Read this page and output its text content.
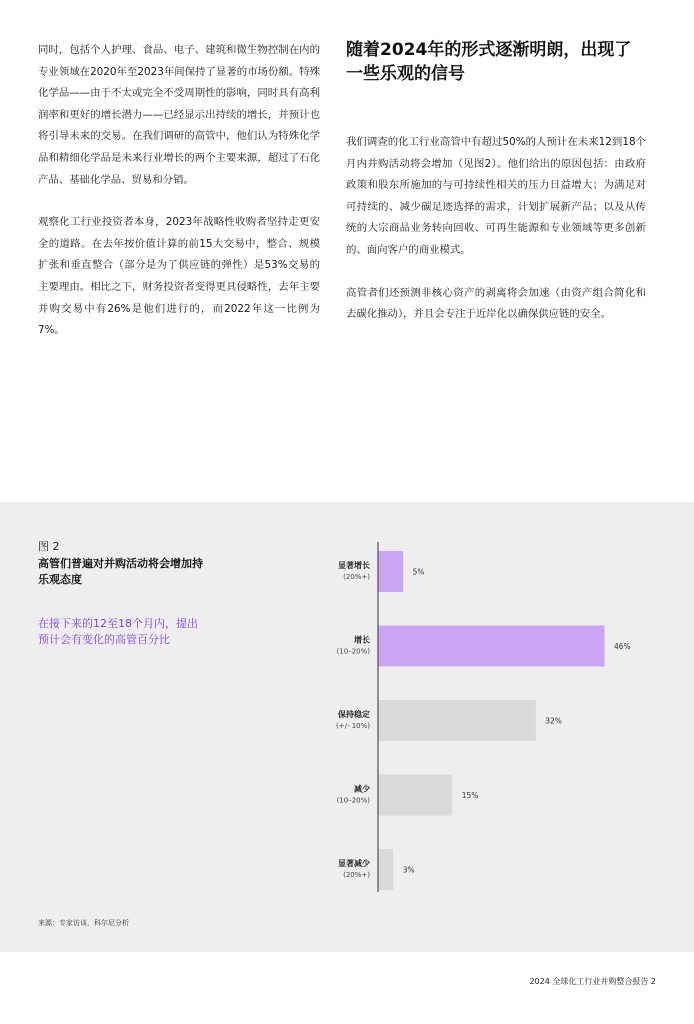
同时，包括个人护理、食品、电子、建筑和微生物控制在内的专业领域在2020年至2023年间保持了显著的市场份额。特殊化学品——由于不太或完全不受周期性的影响，同时具有高利润率和更好的增长潜力——已经显示出持续的增长，并预计也将引导未来的交易。在我们调研的高管中，他们认为特殊化学品和精细化学品是未来行业增长的两个主要来源，超过了石化产品、基础化学品、贸易和分销。

观察化工行业投资者本身，2023年战略性收购者坚持走更安全的道路。在去年按价值计算的前15大交易中，整合、规模扩张和垂直整合（部分是为了供应链的弹性）是53%交易的主要理由。相比之下，财务投资者变得更具侵略性，去年主要并购交易中有26%是他们进行的，而2022年这一比例为7%。

随着2024年的形式逐渐明朗，出现了一些乐观的信号

我们调查的化工行业高管中有超过50%的人预计在未来12到18个月内并购活动将会增加（见图2）。他们给出的原因包括：由政府政策和股东所施加的与可持续性相关的压力日益增大；为满足对可持续的、减少碳足迹选择的需求，计划扩展新产品；以及从传统的大宗商品业务转向回收、可再生能源和专业领域等更多创新的、面向客户的商业模式。

高管者们还预测非核心资产的剥离将会加速（由资产组合简化和去碳化推动），并且会专注于近岸化以确保供应链的安全。

图 2
高管们普遍对并购活动将会增加持乐观态度
在接下来的12至18个月内，提出预计会有变化的高管百分比
显著增长
(20%+)
5%
增长
(10–20%)
46%
保持稳定
(+/- 10%)
32%
减少
(10–20%)
15%
显著减少
(20%+)
3%
来源：专家访谈，科尔尼分析
2024 全球化工行业并购整合报告 2
